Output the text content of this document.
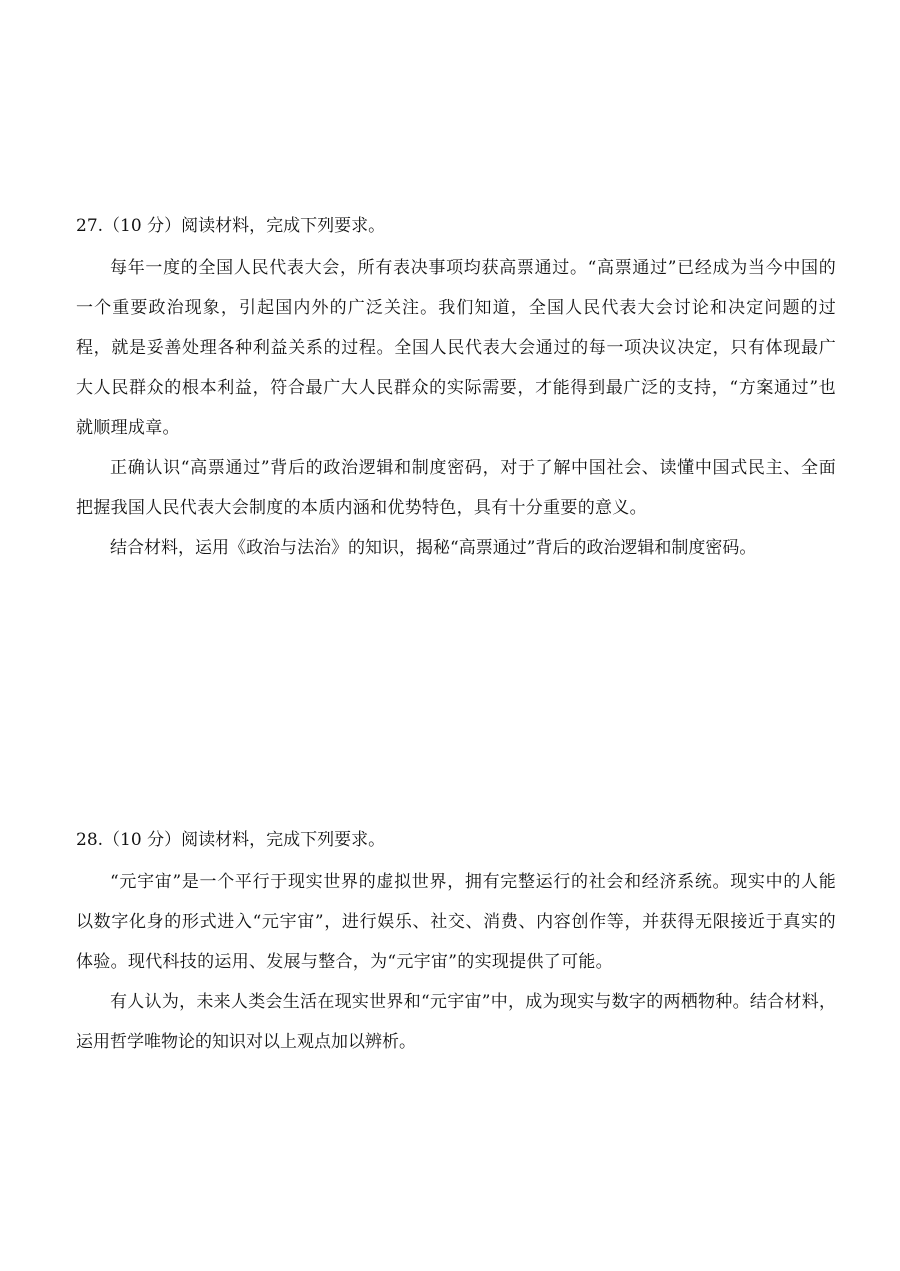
27.（10 分）阅读材料，完成下列要求。

每年一度的全国人民代表大会，所有表决事项均获高票通过。“高票通过”已经成为当今中国的一个重要政治现象，引起国内外的广泛关注。我们知道，全国人民代表大会讨论和决定问题的过程，就是妥善处理各种利益关系的过程。全国人民代表大会通过的每一项决议决定，只有体现最广大人民群众的根本利益，符合最广大人民群众的实际需要，才能得到最广泛的支持，“方案通过”也就顺理成章。

正确认识“高票通过”背后的政治逻辑和制度密码，对于了解中国社会、读懂中国式民主、全面把握我国人民代表大会制度的本质内涵和优势特色，具有十分重要的意义。

结合材料，运用《政治与法治》的知识，揭秘“高票通过”背后的政治逻辑和制度密码。

28.（10 分）阅读材料，完成下列要求。

“元宇宙”是一个平行于现实世界的虚拟世界，拥有完整运行的社会和经济系统。现实中的人能以数字化身的形式进入“元宇宙”，进行娱乐、社交、消费、内容创作等，并获得无限接近于真实的体验。现代科技的运用、发展与整合，为“元宇宙”的实现提供了可能。

有人认为，未来人类会生活在现实世界和“元宇宙”中，成为现实与数字的两栖物种。结合材料，运用哲学唯物论的知识对以上观点加以辨析。
